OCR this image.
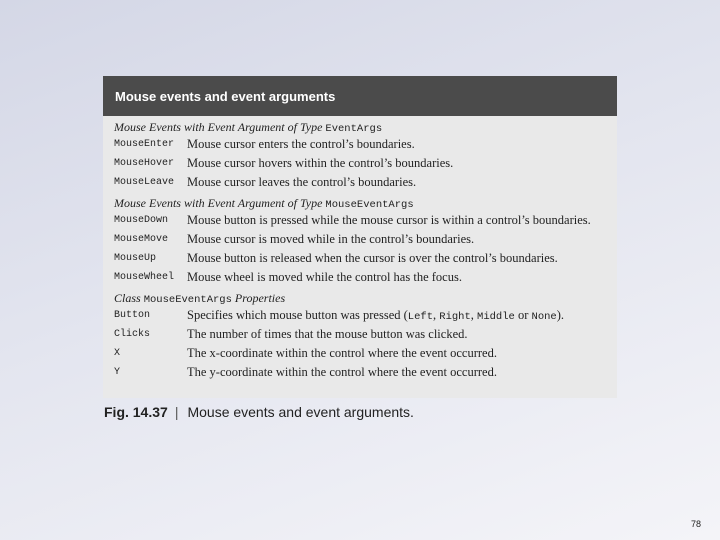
Mouse events and event arguments
Mouse Events with Event Argument of Type EventArgs
MouseEnter	Mouse cursor enters the control’s boundaries.
MouseHover	Mouse cursor hovers within the control’s boundaries.
MouseLeave	Mouse cursor leaves the control’s boundaries.
Mouse Events with Event Argument of Type MouseEventArgs
MouseDown	Mouse button is pressed while the mouse cursor is within a control’s boundaries.
MouseMove	Mouse cursor is moved while in the control’s boundaries.
MouseUp	Mouse button is released when the cursor is over the control’s boundaries.
MouseWheel	Mouse wheel is moved while the control has the focus.
Class MouseEventArgs Properties
Button	Specifies which mouse button was pressed (Left, Right, Middle or None).
Clicks	The number of times that the mouse button was clicked.
X	The x-coordinate within the control where the event occurred.
Y	The y-coordinate within the control where the event occurred.
Fig. 14.37 | Mouse events and event arguments.
78
